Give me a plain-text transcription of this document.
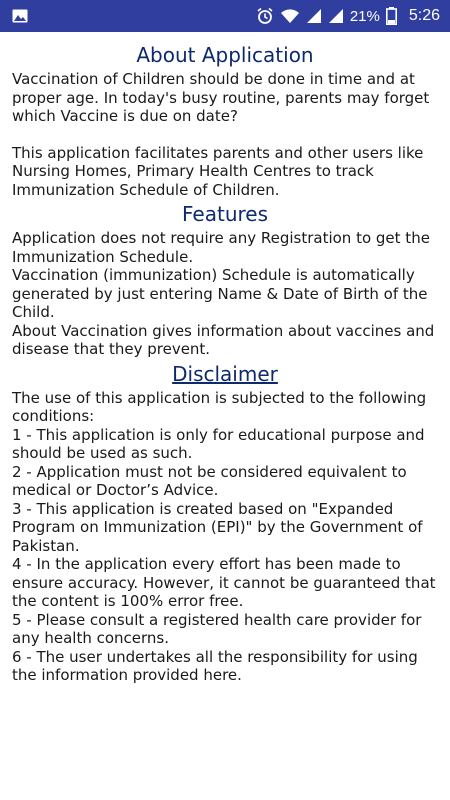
21% 5:26
About Application
Vaccination of Children should be done in time and at proper age. In today's busy routine, parents may forget which Vaccine is due on date?
This application facilitates parents and other users like Nursing Homes, Primary Health Centres to track Immunization Schedule of Children.
Features
Application does not require any Registration to get the Immunization Schedule.
Vaccination (immunization) Schedule is automatically generated by just entering Name & Date of Birth of the Child.
About Vaccination gives information about vaccines and disease that they prevent.
Disclaimer
The use of this application is subjected to the following conditions:
1 - This application is only for educational purpose and should be used as such.
2 - Application must not be considered equivalent to medical or Doctor’s Advice.
3 - This application is created based on "Expanded Program on Immunization (EPI)" by the Government of Pakistan.
4 - In the application every effort has been made to ensure accuracy. However, it cannot be guaranteed that the content is 100% error free.
5 - Please consult a registered health care provider for any health concerns.
6 - The user undertakes all the responsibility for using the information provided here.
